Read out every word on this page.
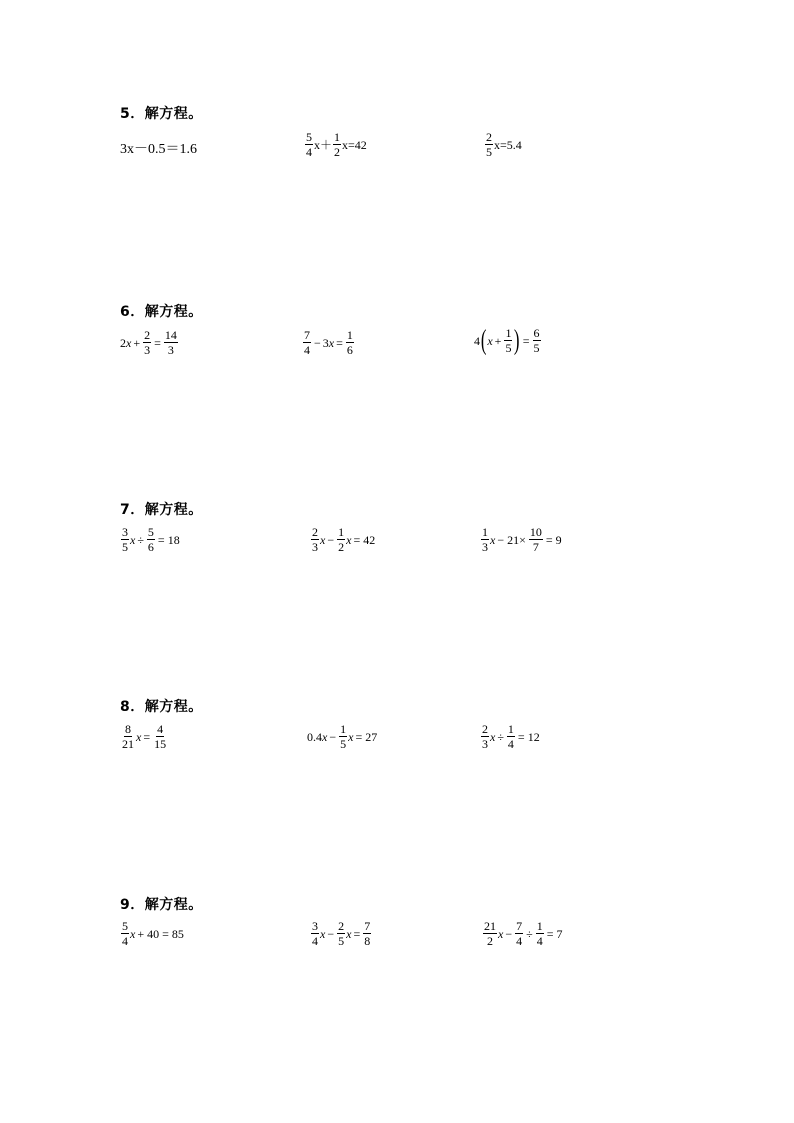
5．解方程。
3x－0.5＝1.6	$\frac{5}{4} x+ \frac{1}{2} x=42$	$\frac{2}{5} x=5.4$
6．解方程。
2 $x + \frac{2}{3} = \frac{14}{3}$	$\frac{7}{4} - 3$ $x = \frac{1}{6}$	4 ( $x + \frac{1}{5}$ ) = $\frac{6}{5}$
7．解方程。
$\frac{3}{5}$ $x \div \frac{5}{6} = 18$	$\frac{2}{3}$ $x - \frac{1}{2}$ x = 42	$\frac{1}{3}$ $x - 21\times \frac{10}{7} = 9$
8．解方程。
$\frac{8}{21}$ $x = \frac{4}{15}$	0.4 $x - \frac{1}{5}$ x = 27	$\frac{2}{3}$ $x \div \frac{1}{4} = 12$
9．解方程。
$\frac{5}{4}$ x + 40 = 85	$\frac{3}{4}$ $x - \frac{2}{5}$ $x = \frac{7}{8}$	$\frac{21}{2}$ $x - \frac{7}{4} \div \frac{1}{4} = 7$
